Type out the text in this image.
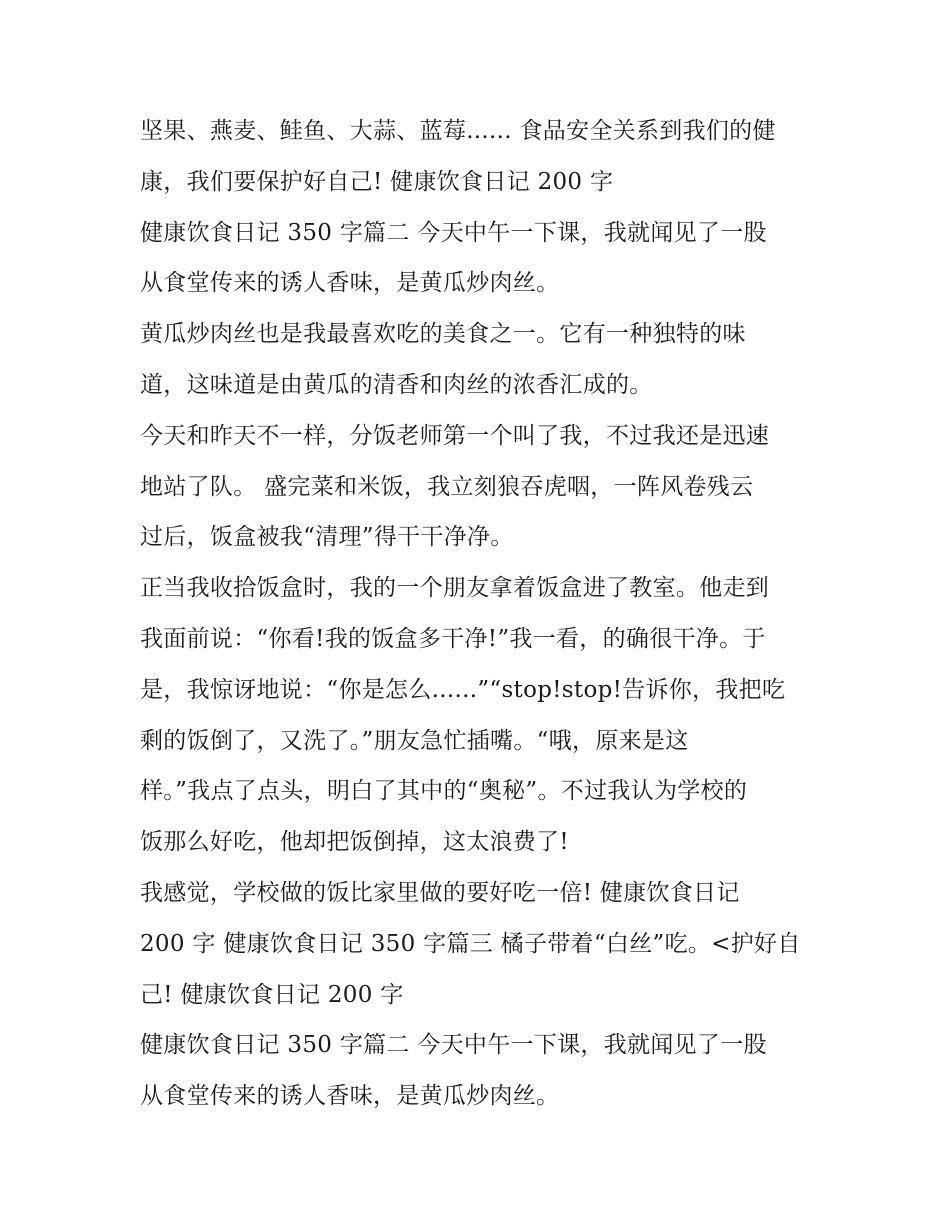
坚果、燕麦、鲑鱼、大蒜、蓝莓...... 食品安全关系到我们的健
康，我们要保护好自己! 健康饮食日记 200 字

健康饮食日记 350 字篇二 今天中午一下课，我就闻见了一股
从食堂传来的诱人香味，是黄瓜炒肉丝。

黄瓜炒肉丝也是我最喜欢吃的美食之一。它有一种独特的味
道，这味道是由黄瓜的清香和肉丝的浓香汇成的。

今天和昨天不一样，分饭老师第一个叫了我，不过我还是迅速
地站了队。 盛完菜和米饭，我立刻狼吞虎咽，一阵风卷残云
过后，饭盒被我“清理”得干干净净。

正当我收拾饭盒时，我的一个朋友拿着饭盒进了教室。他走到
我面前说：“你看!我的饭盒多干净!”我一看，的确很干净。于
是，我惊讶地说：“你是怎么......”“stop!stop!告诉你，我把吃
剩的饭倒了，又洗了。”朋友急忙插嘴。“哦，原来是这
样。”我点了点头，明白了其中的“奥秘”。不过我认为学校的
饭那么好吃，他却把饭倒掉，这太浪费了!

我感觉，学校做的饭比家里做的要好吃一倍! 健康饮食日记
200 字 健康饮食日记 350 字篇三 橘子带着“白丝”吃。<护好自
己! 健康饮食日记 200 字

健康饮食日记 350 字篇二 今天中午一下课，我就闻见了一股
从食堂传来的诱人香味，是黄瓜炒肉丝。
